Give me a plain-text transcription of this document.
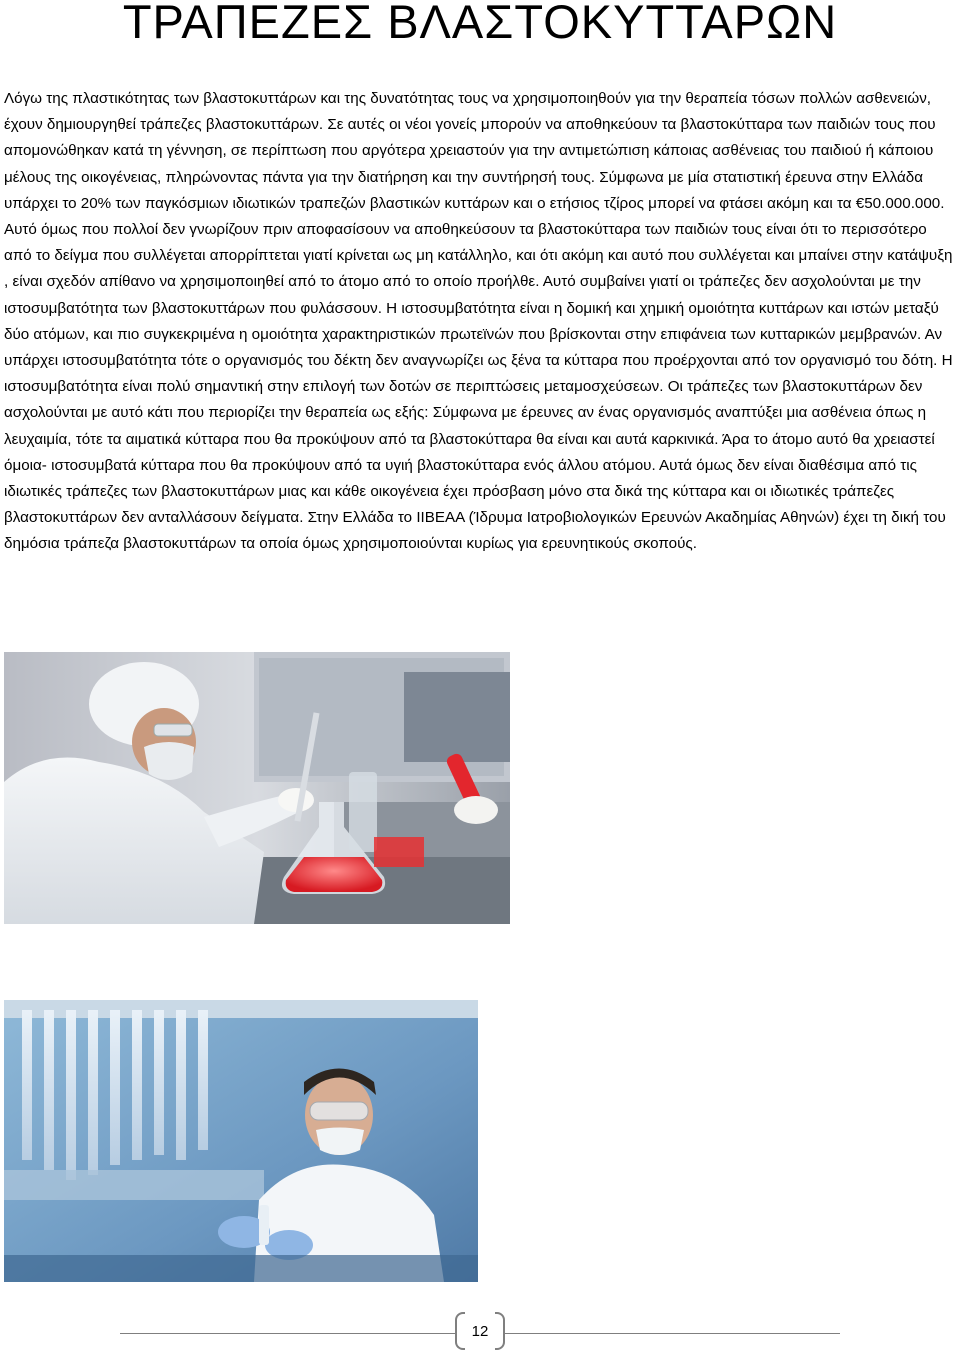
ΤΡΑΠΕΖΕΣ ΒΛΑΣΤΟΚΥΤΤΑΡΩΝ

Λόγω της πλαστικότητας των βλαστοκυττάρων και της δυνατότητας τους να χρησιμοποιηθούν για την θεραπεία τόσων πολλών ασθενειών, έχουν δημιουργηθεί τράπεζες βλαστοκυττάρων. Σε αυτές οι νέοι γονείς μπορούν να αποθηκεύουν τα βλαστοκύτταρα των παιδιών τους που απομονώθηκαν κατά τη γέννηση, σε περίπτωση που αργότερα χρειαστούν για την αντιμετώπιση κάποιας ασθένειας του παιδιού ή κάποιου μέλους της οικογένειας, πληρώνοντας πάντα για την διατήρηση και την συντήρησή τους. Σύμφωνα με μία στατιστική έρευνα στην Ελλάδα υπάρχει το 20% των παγκόσμιων ιδιωτικών τραπεζών βλαστικών κυττάρων και ο ετήσιος τζίρος μπορεί να φτάσει ακόμη και τα €50.000.000. Αυτό όμως που πολλοί δεν γνωρίζουν πριν αποφασίσουν να αποθηκεύσουν τα βλαστοκύτταρα των παιδιών τους είναι ότι το περισσότερο από το δείγμα που συλλέγεται απορρίπτεται γιατί κρίνεται ως μη κατάλληλο, και ότι ακόμη και αυτό που συλλέγεται και μπαίνει στην κατάψυξη , είναι σχεδόν απίθανο να χρησιμοποιηθεί από το άτομο από το οποίο προήλθε. Αυτό συμβαίνει γιατί οι τράπεζες δεν ασχολούνται με την ιστοσυμβατότητα των βλαστοκυττάρων που φυλάσσουν. Η ιστοσυμβατότητα είναι η δομική και χημική ομοιότητα κυττάρων και ιστών μεταξύ δύο ατόμων, και πιο συγκεκριμένα η ομοιότητα χαρακτηριστικών πρωτεϊνών που βρίσκονται στην επιφάνεια των κυτταρικών μεμβρανών. Αν υπάρχει ιστοσυμβατότητα τότε ο οργανισμός του δέκτη δεν αναγνωρίζει ως ξένα τα κύτταρα που προέρχονται από τον οργανισμό του δότη. Η ιστοσυμβατότητα είναι πολύ σημαντική στην επιλογή των δοτών σε περιπτώσεις μεταμοσχεύσεων. Οι τράπεζες των βλαστοκυττάρων δεν ασχολούνται με αυτό κάτι που περιορίζει την θεραπεία ως εξής: Σύμφωνα με έρευνες αν ένας οργανισμός αναπτύξει μια ασθένεια όπως η λευχαιμία, τότε τα αιματικά κύτταρα που θα προκύψουν από τα βλαστοκύτταρα θα είναι και αυτά καρκινικά. Άρα το άτομο αυτό θα χρειαστεί όμοια- ιστοσυμβατά κύτταρα που θα προκύψουν από τα υγιή βλαστοκύτταρα ενός άλλου ατόμου. Αυτά όμως δεν είναι διαθέσιμα από τις ιδιωτικές τράπεζες των βλαστοκυττάρων μιας και κάθε οικογένεια έχει πρόσβαση μόνο στα δικά της κύτταρα και οι ιδιωτικές τράπεζες βλαστοκυττάρων δεν ανταλλάσουν δείγματα. Στην Ελλάδα το ΙΙΒΕΑΑ (Ίδρυμα Ιατροβιολογικών Ερευνών Ακαδημίας Αθηνών) έχει τη δική του δημόσια τράπεζα βλαστοκυττάρων τα οποία όμως χρησιμοποιούνται κυρίως για ερευνητικούς σκοπούς.

12
